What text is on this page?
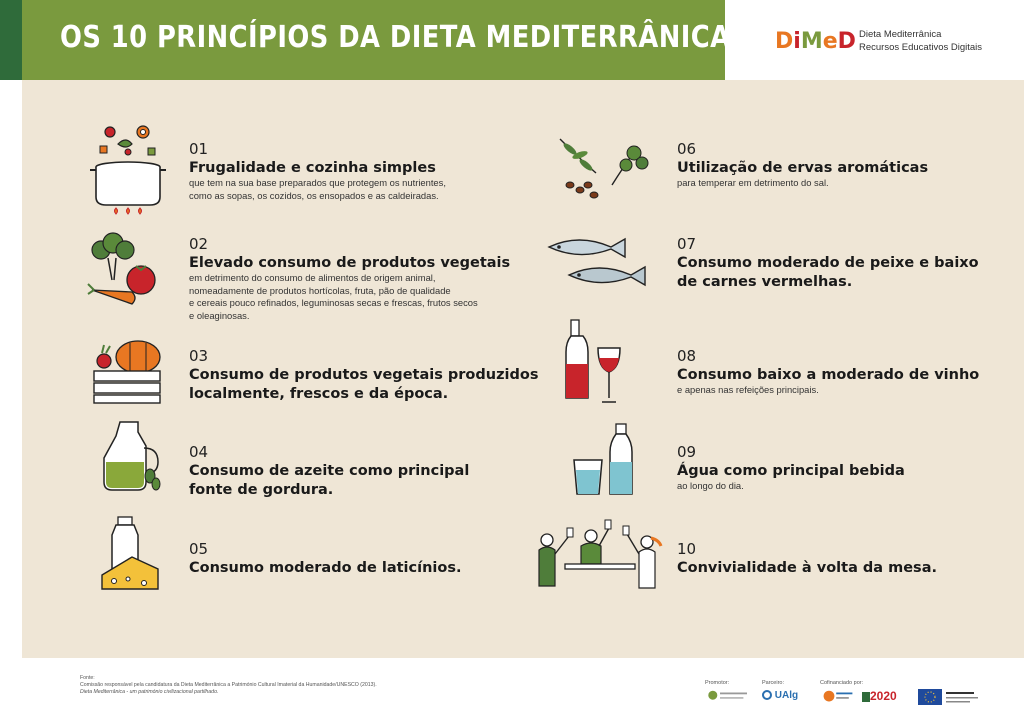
OS 10 PRINCÍPIOS DA DIETA MEDITERRÂNICA DiMeD Dieta Mediterrânica
Recursos Educativos Digitais
01
Frugalidade e cozinha simples
que tem na sua base preparados que protegem os nutrientes,
como as sopas, os cozidos, os ensopados e as caldeiradas.
02
Elevado consumo de produtos vegetais
em detrimento do consumo de alimentos de origem animal,
nomeadamente de produtos hortícolas, fruta, pão de qualidade
e cereais pouco refinados, leguminosas secas e frescas, frutos secos
e oleaginosas.
03
Consumo de produtos vegetais produzidos
localmente, frescos e da época.
04
Consumo de azeite como principal
fonte de gordura.
05
Consumo moderado de laticínios.
06
Utilização de ervas aromáticas
para temperar em detrimento do sal.
07
Consumo moderado de peixe e baixo
de carnes vermelhas.
08
Consumo baixo a moderado de vinho
e apenas nas refeições principais.
09
Água como principal bebida
ao longo do dia.
10
Convivialidade à volta da mesa.
Fonte:
Comissão responsável pela candidatura da Dieta Mediterrânica a Património Cultural Imaterial da Humanidade/UNESCO (2013).
Dieta Mediterrânica - um património civilizacional partilhado.
Promotor:	Parceiro:	Cofinanciado por:
UAlg	2020
